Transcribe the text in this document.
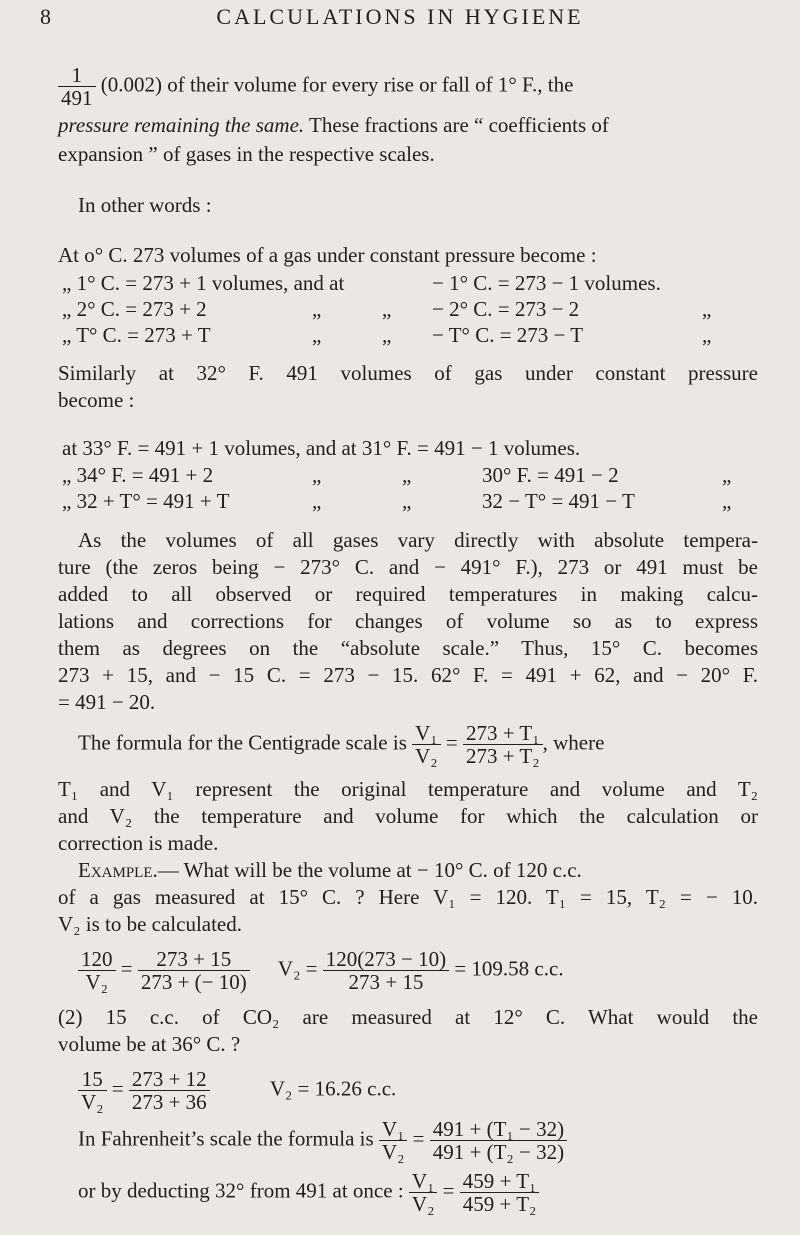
8	CALCULATIONS IN HYGIENE
$\frac{1}{491} (0.002)$ of their volume for every rise or fall of 1° F., the
pressure remaining the same. These fractions are “ coefficients of
expansion ” of gases in the respective scales.
In other words :
At o° C. 273 volumes of a gas under constant pressure become :
„ 1° C. = 273 + 1 volumes, and at	− 1° C. = 273 − 1 volumes.
„ 2° C. = 273 + 2	„	„ − 2° C. = 273 − 2	„
„ T° C. = 273 + T	„	„ − T° C. = 273 − T	„
Similarly at 32° F. 491 volumes of gas under constant pressure
become :
at 33° F. = 491 + 1 volumes, and at 31° F. = 491 − 1 volumes.
„ 34° F. = 491 + 2	„	„	30° F. = 491 − 2	„
„ 32 + T° = 491 + T	„	„	32 − T° = 491 − T	„
As the volumes of all gases vary directly with absolute tempera-
ture (the zeros being − 273° C. and − 491° F.), 273 or 491 must be
added to all observed or required temperatures in making calcu-
lations and corrections for changes of volume so as to express
them as degrees on the “absolute scale.” Thus, 15° C. becomes
273 + 15, and − 15 C. = 273 − 15. 62° F. = 491 + 62, and − 20° F.
= 491 − 20.
The formula for the Centigrade scale is $\frac{\text{V₁}}{\text{V₂}} = \frac{\text{273 + T₁}}{\text{273 + T₂}}$ , where
T₁ and V₁ represent the original temperature and volume and T₂
and V₂ the temperature and volume for which the calculation or
correction is made.
Example.— What will be the volume at − 10° C. of 120 c.c.
of a gas measured at 15° C. ? Here V₁ = 120. T₁ = 15, T₂ = − 10.
V₂ is to be calculated.
$\frac{120}{\text{V₂}} = \frac{273 + 15}{273 + (- 10)} V_2 = \frac{120(273 - 10)}{273 + 15} = 109.58$ c.c.
(2) 15 c.c. of CO₂ are measured at 12° C. What would the
volume be at 36° C. ?
$\frac{15}{\text{V₂}} = \frac{273 + 12}{273 + 36}$	V₂ = 16.26 c.c.
In Fahrenheit’s scale the formula is $\frac{\text{V₁}}{\text{V₂}} = \frac{\text{491 + (T₁ − 32)}}{\text{491 + (T₂ − 32)}}$
or by deducting 32° from 491 at once : $\frac{\text{V₁}}{\text{V₂}} = \frac{\text{459 + T₁}}{\text{459 + T₂}}$
